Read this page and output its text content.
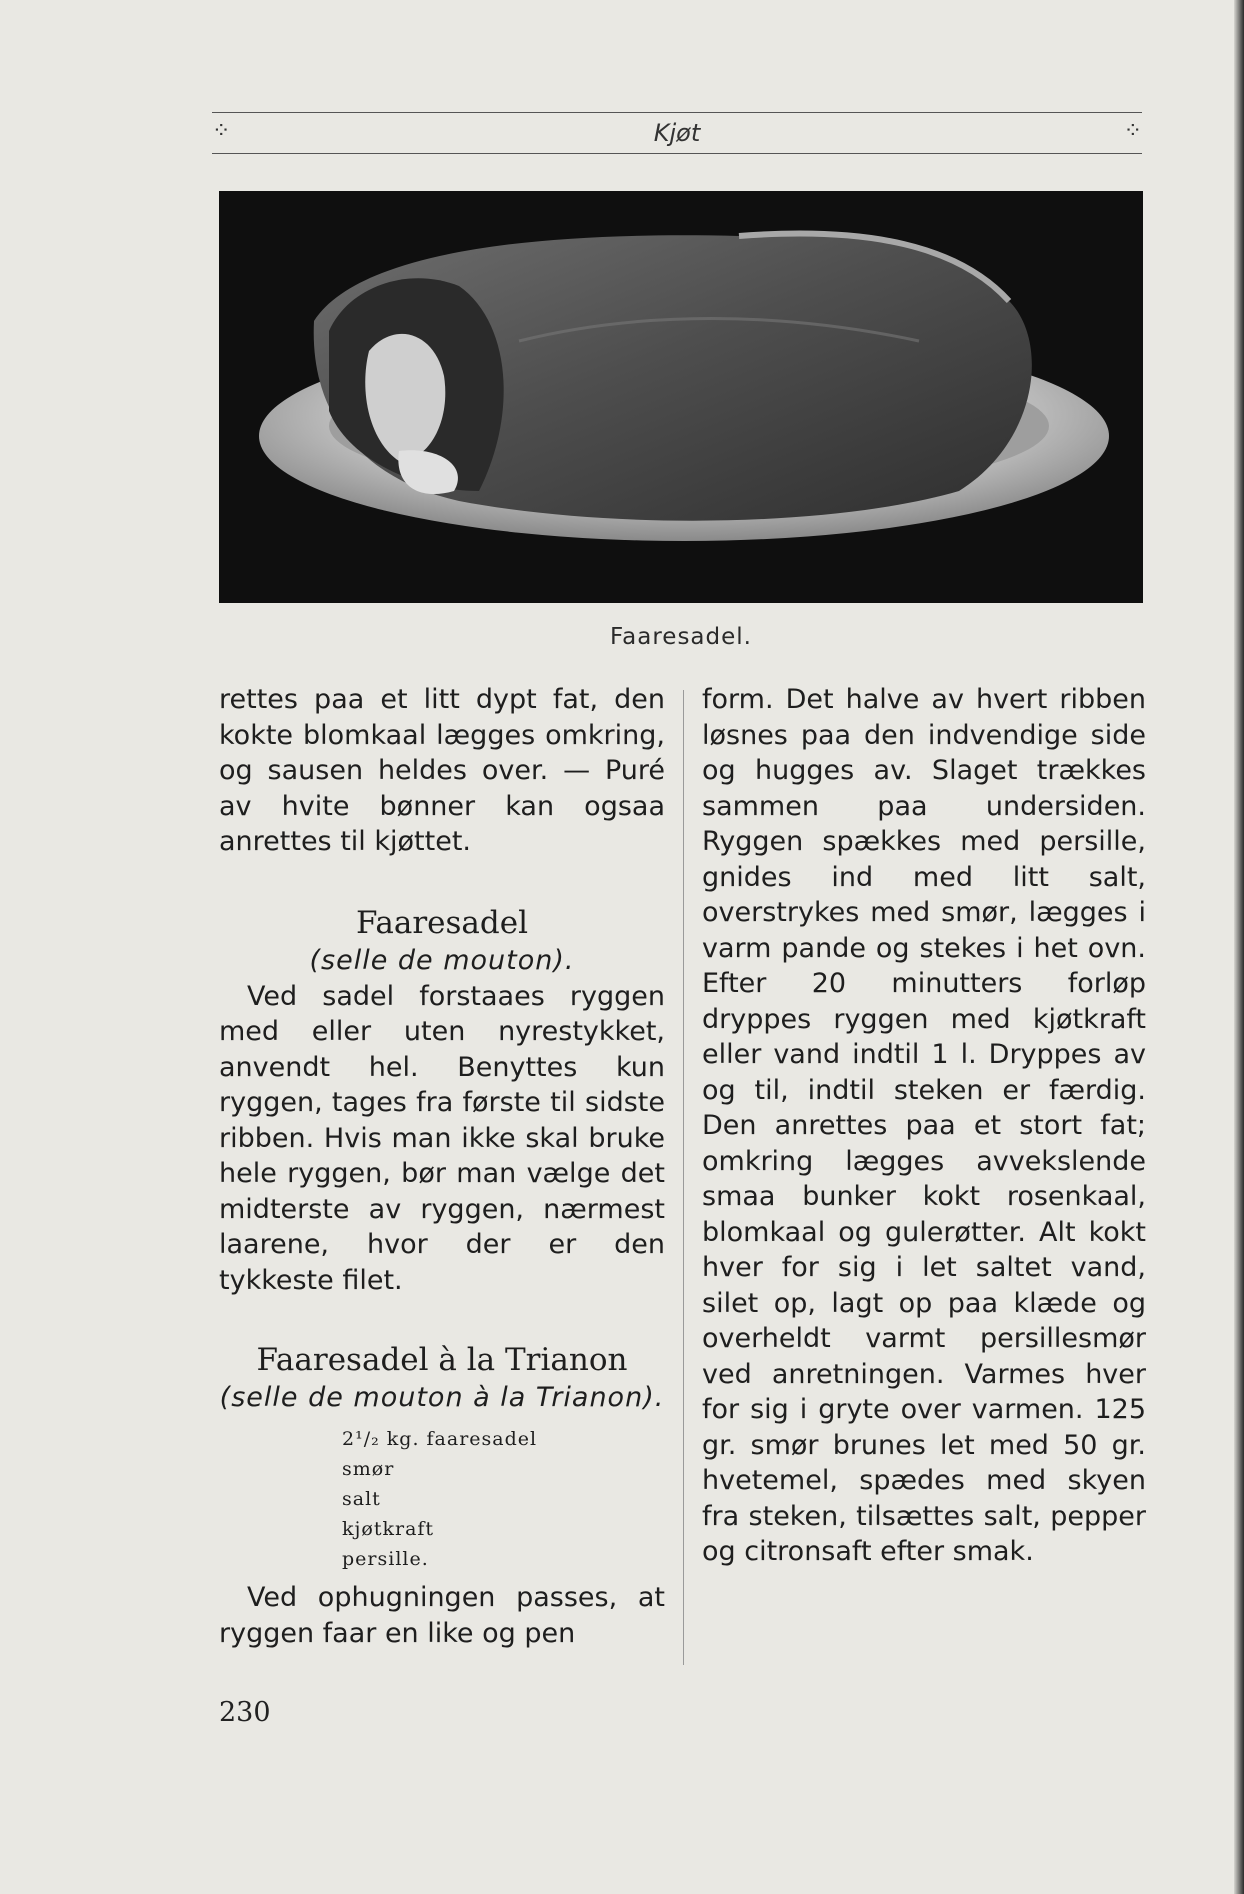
⁘	Kjøt	⁘
Faaresadel.

rettes paa et litt dypt fat, den kokte blomkaal lægges omkring, og sausen heldes over. — Puré av hvite bønner kan ogsaa anrettes til kjøttet.

Faaresadel
(selle de mouton).

Ved sadel forstaaes ryggen med eller uten nyrestykket, anvendt hel. Benyttes kun ryggen, tages fra første til sidste ribben. Hvis man ikke skal bruke hele ryggen, bør man vælge det midterste av ryggen, nærmest laarene, hvor der er den tykkeste filet.

Faaresadel à la Trianon
(selle de mouton à la Trianon).
2¹/₂ kg. faaresadel
smør
salt
kjøtkraft
persille.

Ved ophugningen passes, at ryggen faar en like og pen

form. Det halve av hvert ribben løsnes paa den indvendige side og hugges av. Slaget trækkes sammen paa undersiden. Ryggen spækkes med persille, gnides ind med litt salt, overstrykes med smør, lægges i varm pande og stekes i het ovn. Efter 20 minutters forløp dryppes ryggen med kjøtkraft eller vand indtil 1 l. Dryppes av og til, indtil steken er færdig. Den anrettes paa et stort fat; omkring lægges avvekslende smaa bunker kokt rosenkaal, blomkaal og gulerøtter. Alt kokt hver for sig i let saltet vand, silet op, lagt op paa klæde og overheldt varmt persillesmør ved anretningen. Varmes hver for sig i gryte over varmen. 125 gr. smør brunes let med 50 gr. hvetemel, spædes med skyen fra steken, tilsættes salt, pepper og citronsaft efter smak.

230
